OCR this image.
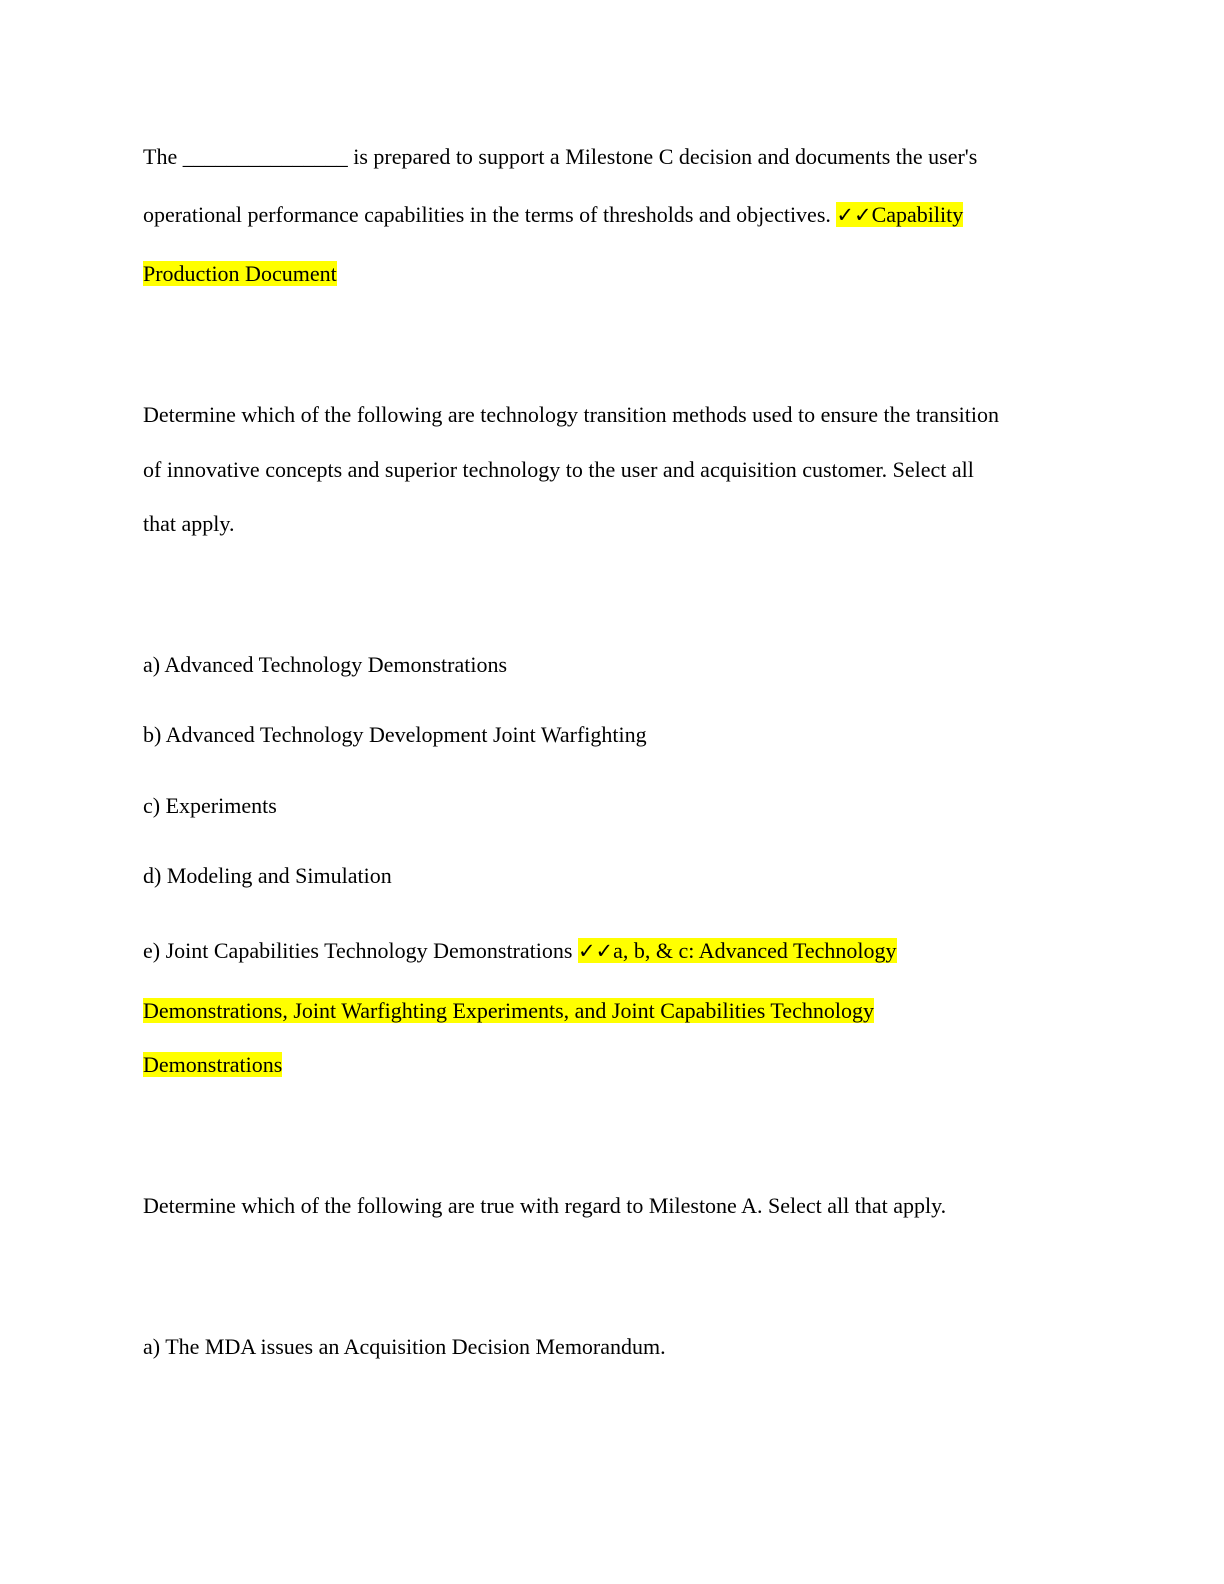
The _______________ is prepared to support a Milestone C decision and documents the user's
operational performance capabilities in the terms of thresholds and objectives. ✓✓Capability
Production Document
Determine which of the following are technology transition methods used to ensure the transition
of innovative concepts and superior technology to the user and acquisition customer. Select all
that apply.
a) Advanced Technology Demonstrations
b) Advanced Technology Development Joint Warfighting
c) Experiments
d) Modeling and Simulation
e) Joint Capabilities Technology Demonstrations ✓✓a, b, & c: Advanced Technology
Demonstrations, Joint Warfighting Experiments, and Joint Capabilities Technology
Demonstrations
Determine which of the following are true with regard to Milestone A. Select all that apply.
a) The MDA issues an Acquisition Decision Memorandum.
